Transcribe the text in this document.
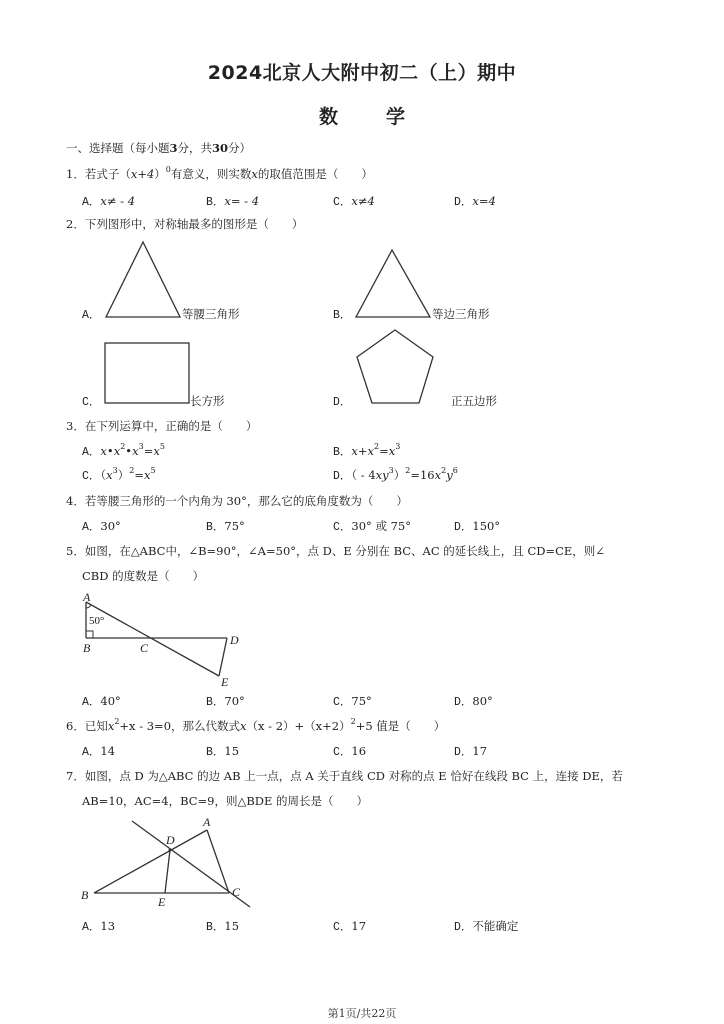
2024北京人大附中初二（上）期中
数	学
一、选择题（每小题3分，共30分）
1．若式子$(x+4)^0$有意义，则实数x的取值范围是（　　）
A．x≠ - 4	B．x= - 4	C．x≠4	D．x=4
2．下列图形中，对称轴最多的图形是（　　）
A．	等腰三角形	B．	等边三角形
C．	长方形	D．	正五边形
3．在下列运算中，正确的是（　　）
A．$x•x^2•x^3=x^5$	B．$x+x^2=x^3$
C．$(x^3)^2=x^5$	D．（ - $4xy^3)^2=16x^2y^6$
4．若等腰三角形的一个内角为 30°，那么它的底角度数为（　　）
A．30°	B．75°	C．30° 或 75°	D．150°
5．如图，在△ABC中，∠B=90°，∠A=50°，点 D、E 分别在 BC、AC 的延长线上，且 CD=CE，则∠
CBD 的度数是（　　）
A
B	C
D
E
50°
A．40°	B．70°	C．75°	D．80°
6．已知$x^2+x - 3=0$，那么代数式$x(x - 2)+(x+2)^2+5$ 值是（　　）
A．14	B．15	C．16	D．17
7．如图，点 D 为△ABC 的边 AB 上一点，点 A 关于直线 CD 对称的点 E 恰好在线段 BC 上，连接 DE，若
AB=10，AC=4，BC=9，则△BDE 的周长是（　　）
A
B	C
D
E
A．13	B．15	C．17	D．不能确定
第1页/共22页
